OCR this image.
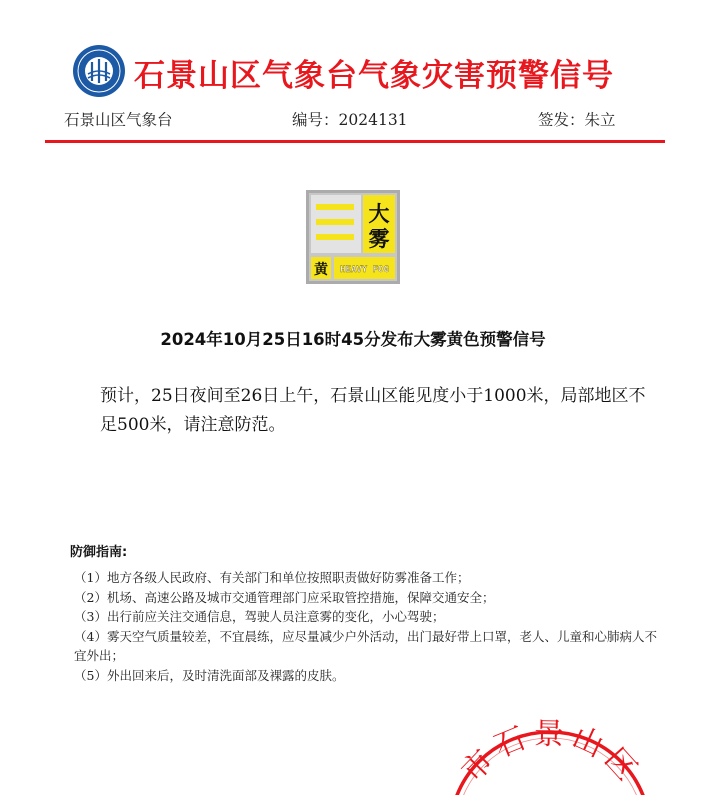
石景山区气象台气象灾害预警信号
石景山区气象台	编号：2024131	签发：朱立
大
雾
黄 HEAVY FOG
2024年10月25日16时45分发布大雾黄色预警信号

预计，25日夜间至26日上午，石景山区能见度小于1000米，局部地区不足500米，请注意防范。

防御指南:
（1）地方各级人民政府、有关部门和单位按照职责做好防雾准备工作；
（2）机场、高速公路及城市交通管理部门应采取管控措施，保障交通安全；
（3）出行前应关注交通信息，驾驶人员注意雾的变化，小心驾驶；
（4）雾天空气质量较差，不宜晨练，应尽量减少户外活动，出门最好带上口罩，老人、儿童和心肺病人不宜外出；
（5）外出回来后，及时清洗面部及裸露的皮肤。
市石景山区
